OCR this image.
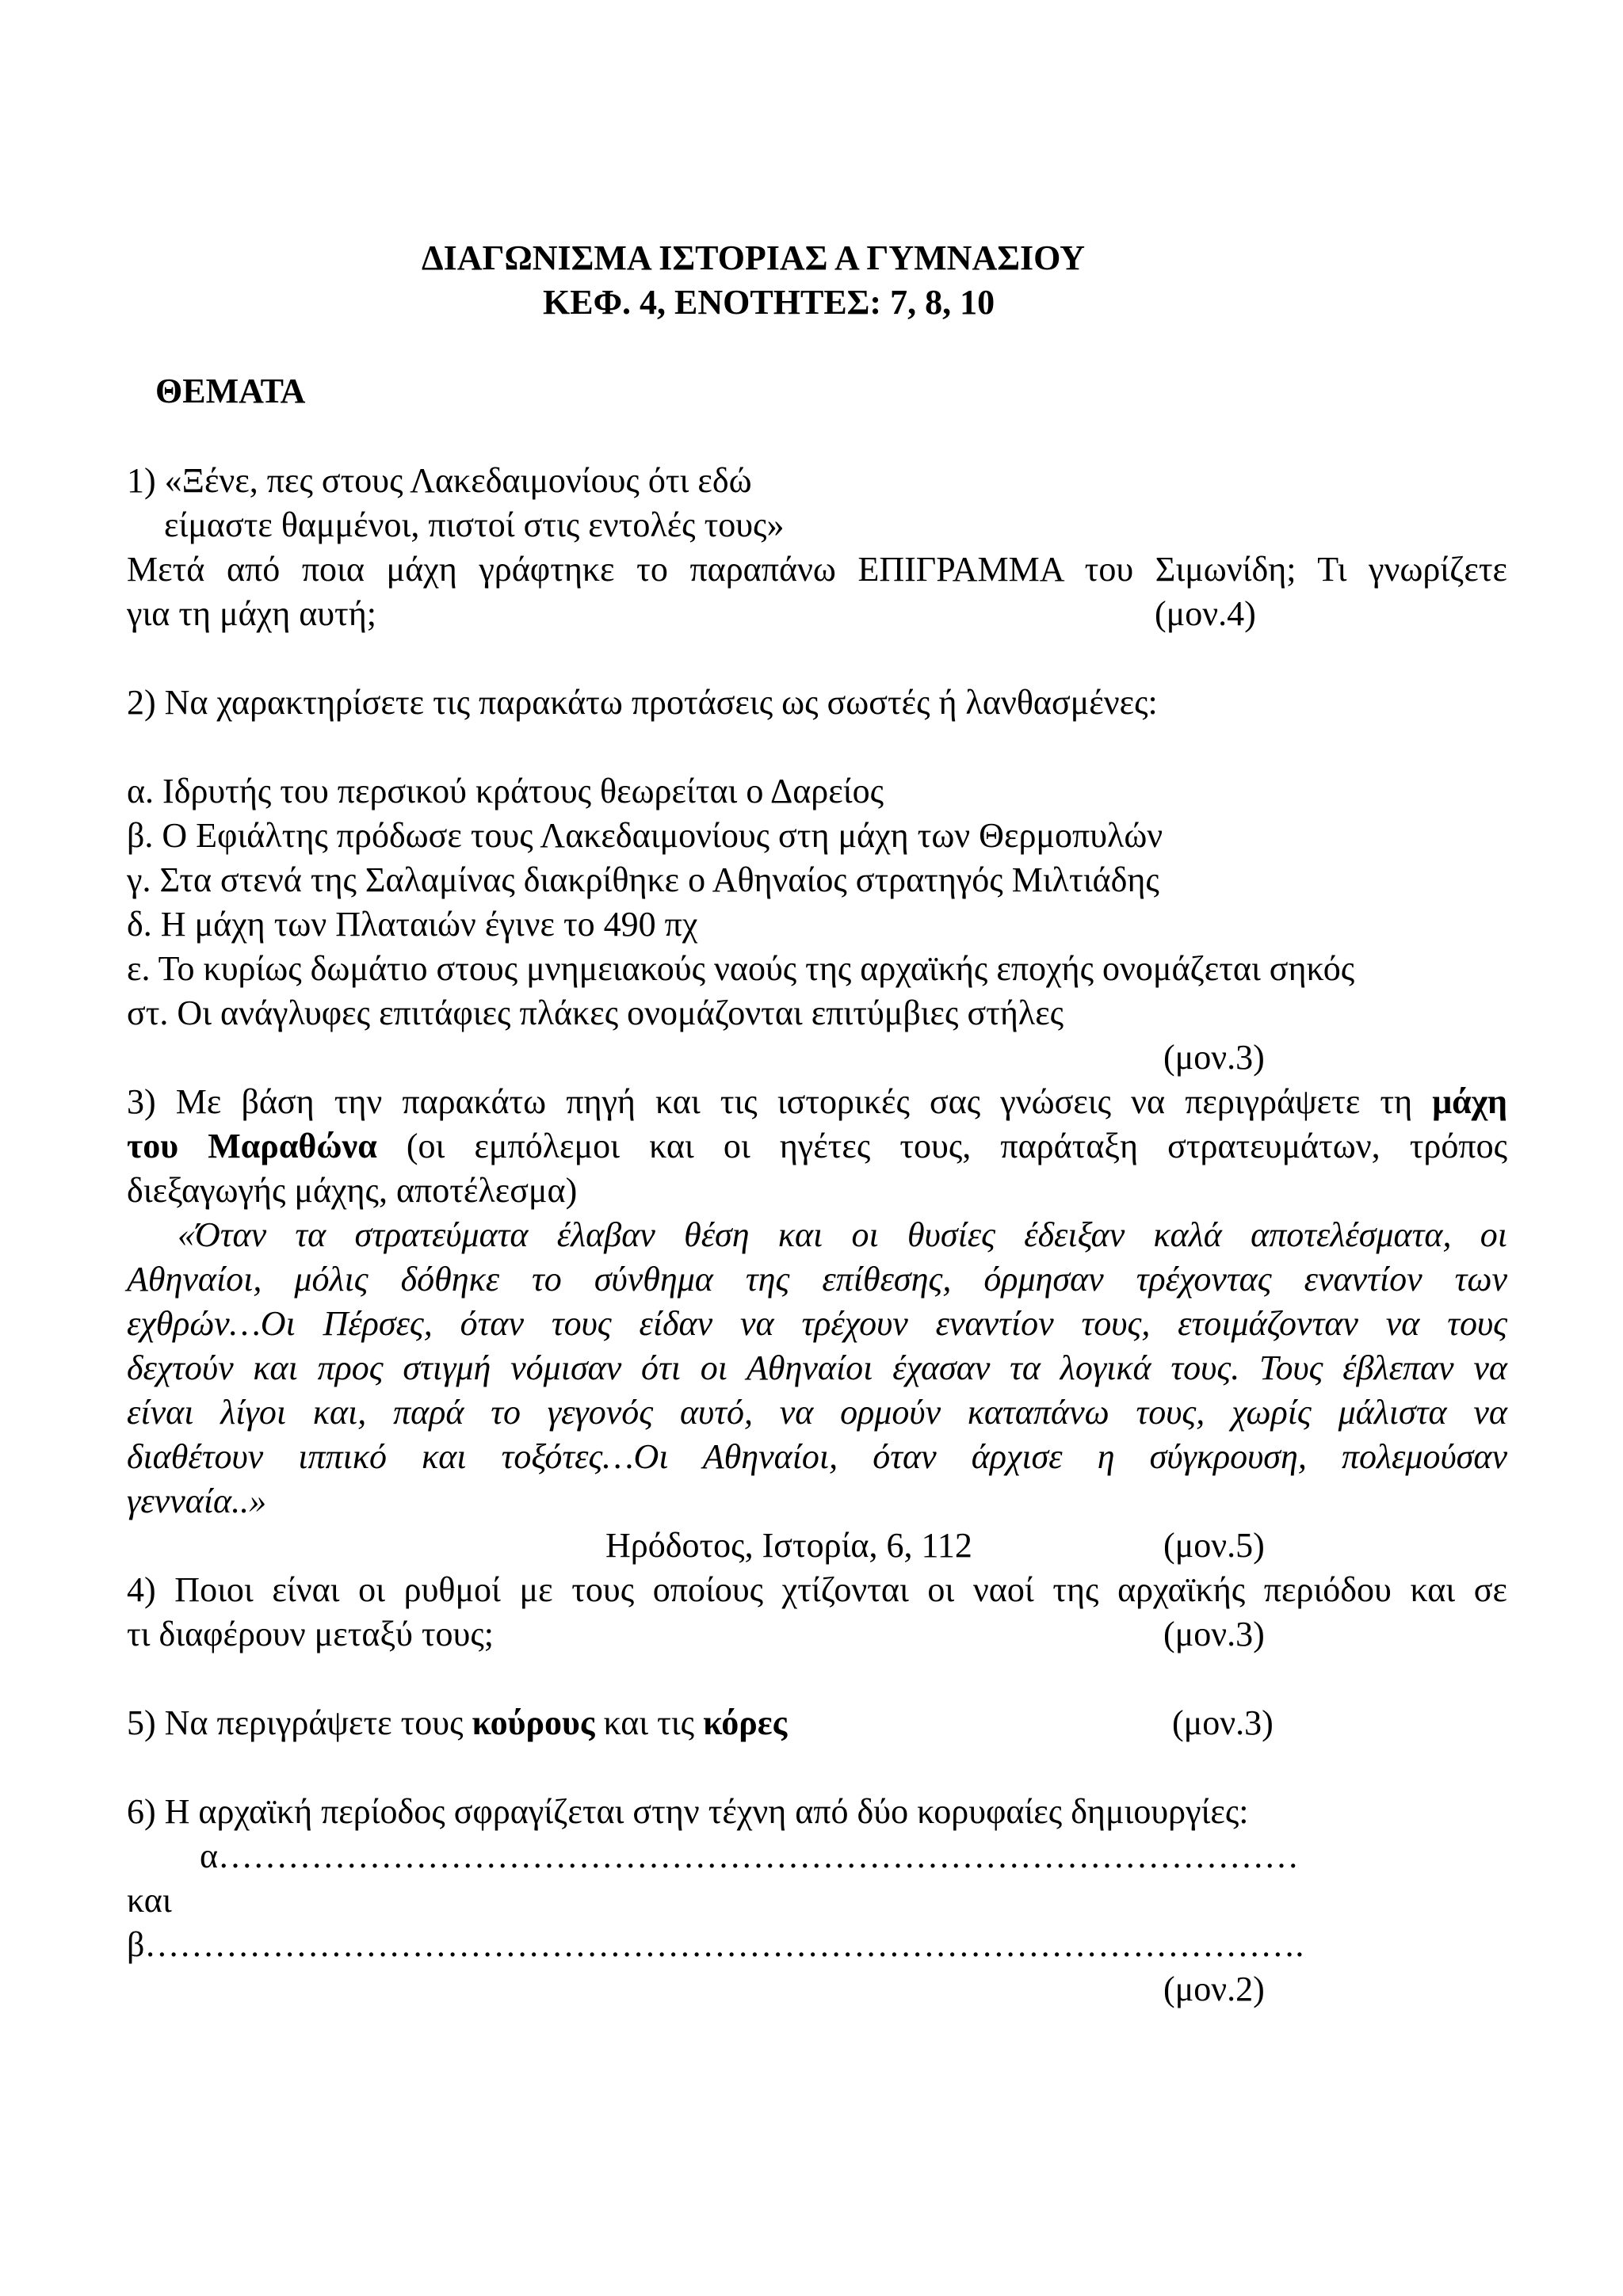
ΔΙΑΓΩΝΙΣΜΑ ΙΣΤΟΡΙΑΣ Α ΓΥΜΝΑΣΙΟΥ
ΚΕΦ. 4, ΕΝΟΤΗΤΕΣ: 7, 8, 10
ΘΕΜΑΤΑ
1) «Ξένε, πες στους Λακεδαιμονίους ότι εδώ
είμαστε θαμμένοι, πιστοί στις εντολές τους»
Μετά από ποια μάχη γράφτηκε το παραπάνω ΕΠΙΓΡΑΜΜΑ του Σιμωνίδη; Τι γνωρίζετε
για τη μάχη αυτή;	(μον.4)
2) Να χαρακτηρίσετε τις παρακάτω προτάσεις ως σωστές ή λανθασμένες:
α. Ιδρυτής του περσικού κράτους θεωρείται ο Δαρείος
β. Ο Εφιάλτης πρόδωσε τους Λακεδαιμονίους στη μάχη των Θερμοπυλών
γ. Στα στενά της Σαλαμίνας διακρίθηκε ο Αθηναίος στρατηγός Μιλτιάδης
δ. Η μάχη των Πλαταιών έγινε το 490 πχ
ε. Το κυρίως δωμάτιο στους μνημειακούς ναούς της αρχαϊκής εποχής ονομάζεται σηκός
στ. Οι ανάγλυφες επιτάφιες πλάκες ονομάζονται επιτύμβιες στήλες
(μον.3)
3) Με βάση την παρακάτω πηγή και τις ιστορικές σας γνώσεις να περιγράψετε τη μάχη
του Μαραθώνα (οι εμπόλεμοι και οι ηγέτες τους, παράταξη στρατευμάτων, τρόπος
διεξαγωγής μάχης, αποτέλεσμα)
«Όταν τα στρατεύματα έλαβαν θέση και οι θυσίες έδειξαν καλά αποτελέσματα, οι
Αθηναίοι, μόλις δόθηκε το σύνθημα της επίθεσης, όρμησαν τρέχοντας εναντίον των
εχθρών…Οι Πέρσες, όταν τους είδαν να τρέχουν εναντίον τους, ετοιμάζονταν να τους
δεχτούν και προς στιγμή νόμισαν ότι οι Αθηναίοι έχασαν τα λογικά τους. Τους έβλεπαν να
είναι λίγοι και, παρά το γεγονός αυτό, να ορμούν καταπάνω τους, χωρίς μάλιστα να
διαθέτουν ιππικό και τοξότες…Οι Αθηναίοι, όταν άρχισε η σύγκρουση, πολεμούσαν
γενναία..»
Ηρόδοτος, Ιστορία, 6, 112	(μον.5)
4) Ποιοι είναι οι ρυθμοί με τους οποίους χτίζονται οι ναοί της αρχαϊκής περιόδου και σε
τι διαφέρουν μεταξύ τους;	(μον.3)
5) Να περιγράψετε τους κούρους και τις κόρες	(μον.3)
6) Η αρχαϊκή περίοδος σφραγίζεται στην τέχνη από δύο κορυφαίες δημιουργίες:
α…………………………………………………………………………………
και
β……………………………………………………………………………………….
(μον.2)
